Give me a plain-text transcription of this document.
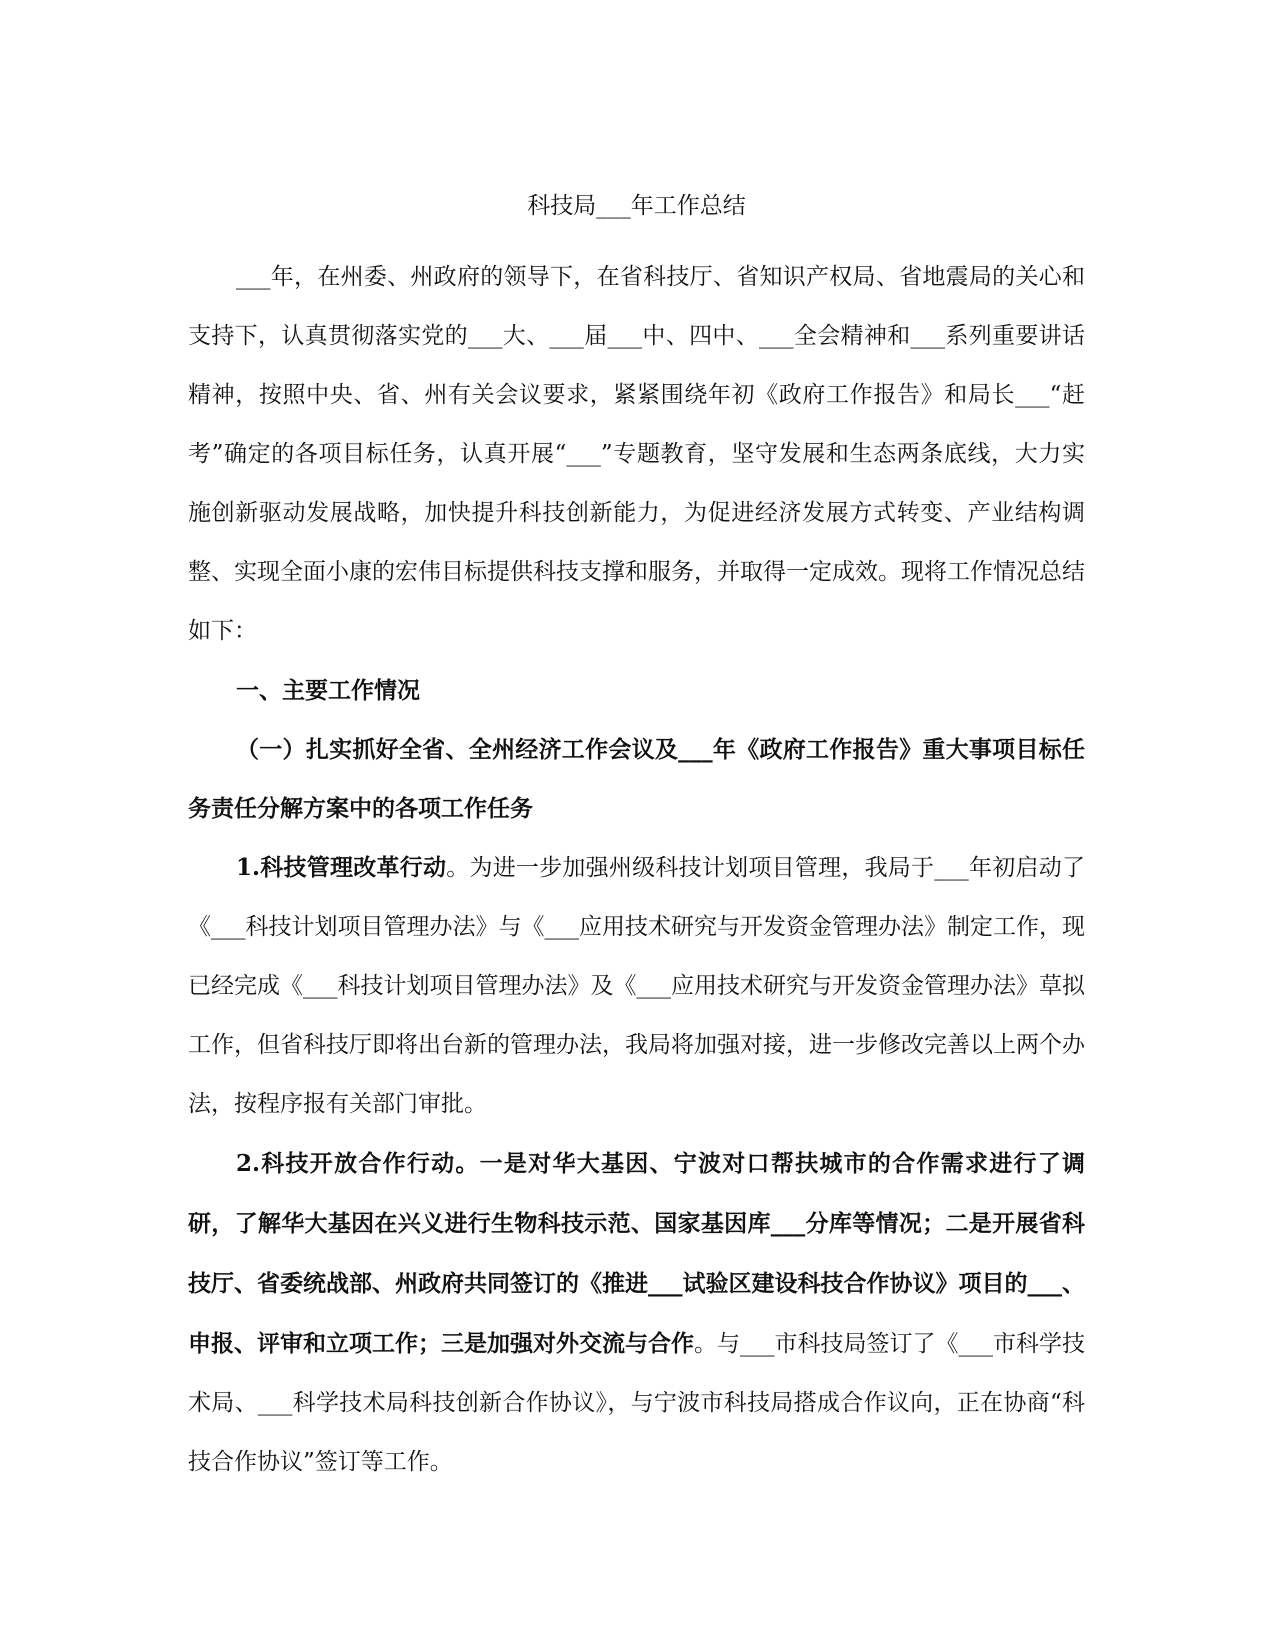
科技局___年工作总结

___年，在州委、州政府的领导下，在省科技厅、省知识产权局、省地震局的关心和支持下，认真贯彻落实党的___大、___届___中、四中、___全会精神和___系列重要讲话精神，按照中央、省、州有关会议要求，紧紧围绕年初《政府工作报告》和局长___“赶考”确定的各项目标任务，认真开展“___”专题教育，坚守发展和生态两条底线，大力实施创新驱动发展战略，加快提升科技创新能力，为促进经济发展方式转变、产业结构调整、实现全面小康的宏伟目标提供科技支撑和服务，并取得一定成效。现将工作情况总结如下：

一、主要工作情况

（一）扎实抓好全省、全州经济工作会议及___年《政府工作报告》重大事项目标任务责任分解方案中的各项工作任务

1.科技管理改革行动。为进一步加强州级科技计划项目管理，我局于___年初启动了《___科技计划项目管理办法》与《___应用技术研究与开发资金管理办法》制定工作，现已经完成《___科技计划项目管理办法》及《___应用技术研究与开发资金管理办法》草拟工作，但省科技厅即将出台新的管理办法，我局将加强对接，进一步修改完善以上两个办法，按程序报有关部门审批。

2.科技开放合作行动。一是对华大基因、宁波对口帮扶城市的合作需求进行了调研，了解华大基因在兴义进行生物科技示范、国家基因库___分库等情况；二是开展省科技厅、省委统战部、州政府共同签订的《推进___试验区建设科技合作协议》项目的___、申报、评审和立项工作；三是加强对外交流与合作。与___市科技局签订了《___市科学技术局、___科学技术局科技创新合作协议》，与宁波市科技局搭成合作议向，正在协商“科技合作协议”签订等工作。
